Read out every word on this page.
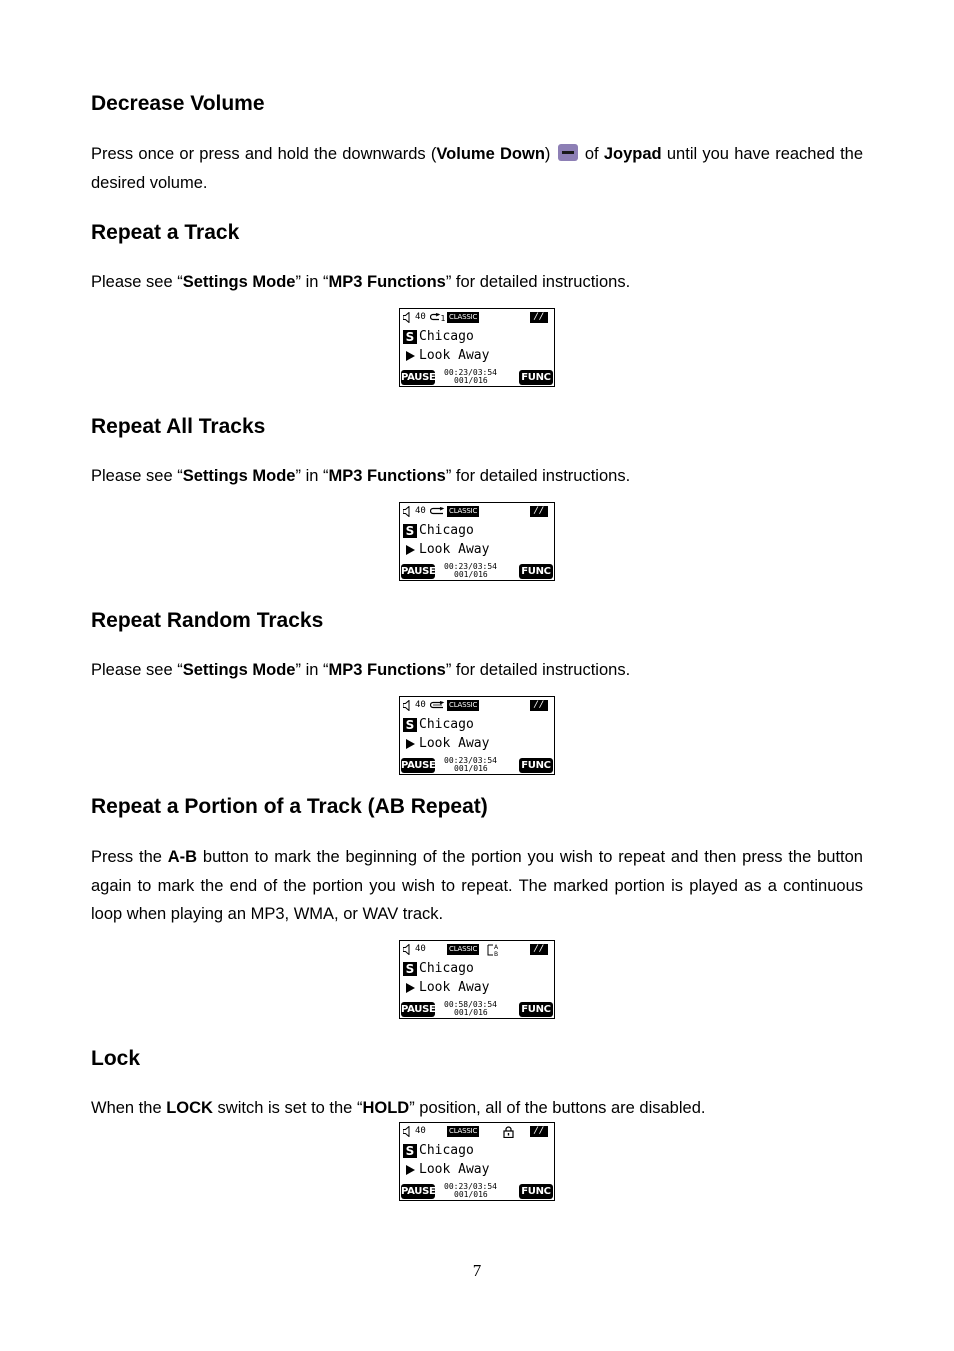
Decrease Volume

Press once or press and hold the downwards (Volume Down)  of Joypad until you have reached the desired volume.

Repeat a Track

Please see “Settings Mode” in “MP3 Functions” for detailed instructions.

40 1 CLASSIC	//
S Chicago
Look Away
PAUSE 00:23/03:54
001/016	FUNC
Repeat All Tracks

Please see “Settings Mode” in “MP3 Functions” for detailed instructions.

40	CLASSIC	//
S Chicago
Look Away
PAUSE 00:23/03:54
001/016	FUNC
Repeat Random Tracks

Please see “Settings Mode” in “MP3 Functions” for detailed instructions.

40	CLASSIC	//
S Chicago
Look Away
PAUSE 00:23/03:54
001/016	FUNC
Repeat a Portion of a Track (AB Repeat)

Press the A-B button to mark the beginning of the portion you wish to repeat and then press the button again to mark the end of the portion you wish to repeat. The marked portion is played as a continuous loop when playing an MP3, WMA, or WAV track.

40	CLASSIC	A
B
//
S Chicago
Look Away
PAUSE 00:58/03:54
001/016	FUNC
Lock

When the LOCK switch is set to the “HOLD” position, all of the buttons are disabled.

40	CLASSIC	//
S Chicago
Look Away
PAUSE 00:23/03:54
001/016	FUNC
7
